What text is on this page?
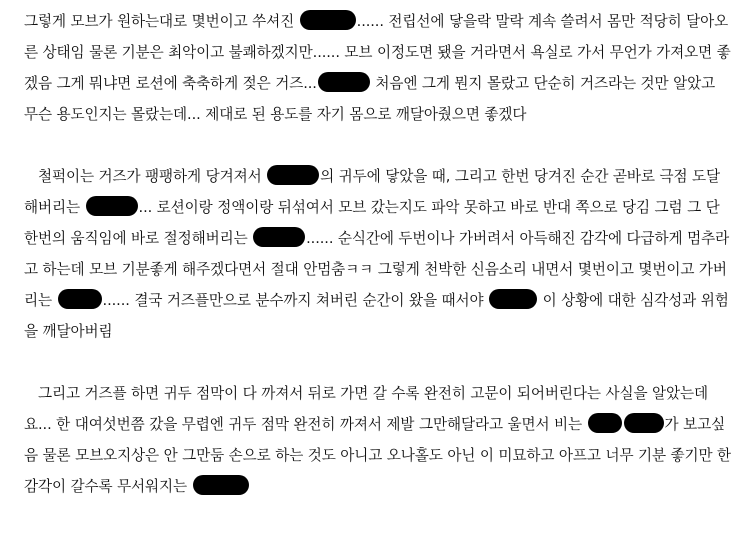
그렇게 모브가 원하는대로 몇번이고 쑤셔진	...... 전립선에 닿을락 말락 계속 쓸려서 몸만 적당히 달아오른 상태임 물론 기분은 최악이고 불쾌하겠지만...... 모브 이정도면 됐을 거라면서 욕실로 가서 무언가 가져오면 좋겠음 그게 뭐냐면 로션에 축축하게 젖은 거즈...	처음엔 그게 뭔지 몰랐고 단순히 거즈라는 것만 알았고 무슨 용도인지는 몰랐는데... 제대로 된 용도를 자기 몸으로 깨달아줬으면 좋겠다

철퍽이는 거즈가 팽팽하게 당겨져서	의 귀두에 닿았을 때, 그리고 한번 당겨진 순간 곧바로 극점 도달해버리는	... 로션이랑 정액이랑 뒤섞여서 모브 갔는지도 파악 못하고 바로 반대 쪽으로 당김 그럼 그 단 한번의 움직임에 바로 절정해버리는	...... 순식간에 두번이나 가버려서 아득해진 감각에 다급하게 멈추라고 하는데 모브 기분좋게 해주겠다면서 절대 안멈춤ㅋㅋ 그렇게 천박한 신음소리 내면서 몇번이고 몇번이고 가버리는	...... 결국 거즈플만으로 분수까지 쳐버린 순간이 왔을 때서야	이 상황에 대한 심각성과 위험을 깨달아버림

그리고 거즈플 하면 귀두 점막이 다 까져서 뒤로 가면 갈 수록 완전히 고문이 되어버린다는 사실을 알았는데요... 한 대여섯번쯤 갔을 무렵엔 귀두 점막 완전히 까져서 제발 그만해달라고 울면서 비는	가 보고싶음 물론 모브오지상은 안 그만둠 손으로 하는 것도 아니고 오나홀도 아닌 이 미묘하고 아프고 너무 기분 좋기만 한 감각이 갈수록 무서워지는
